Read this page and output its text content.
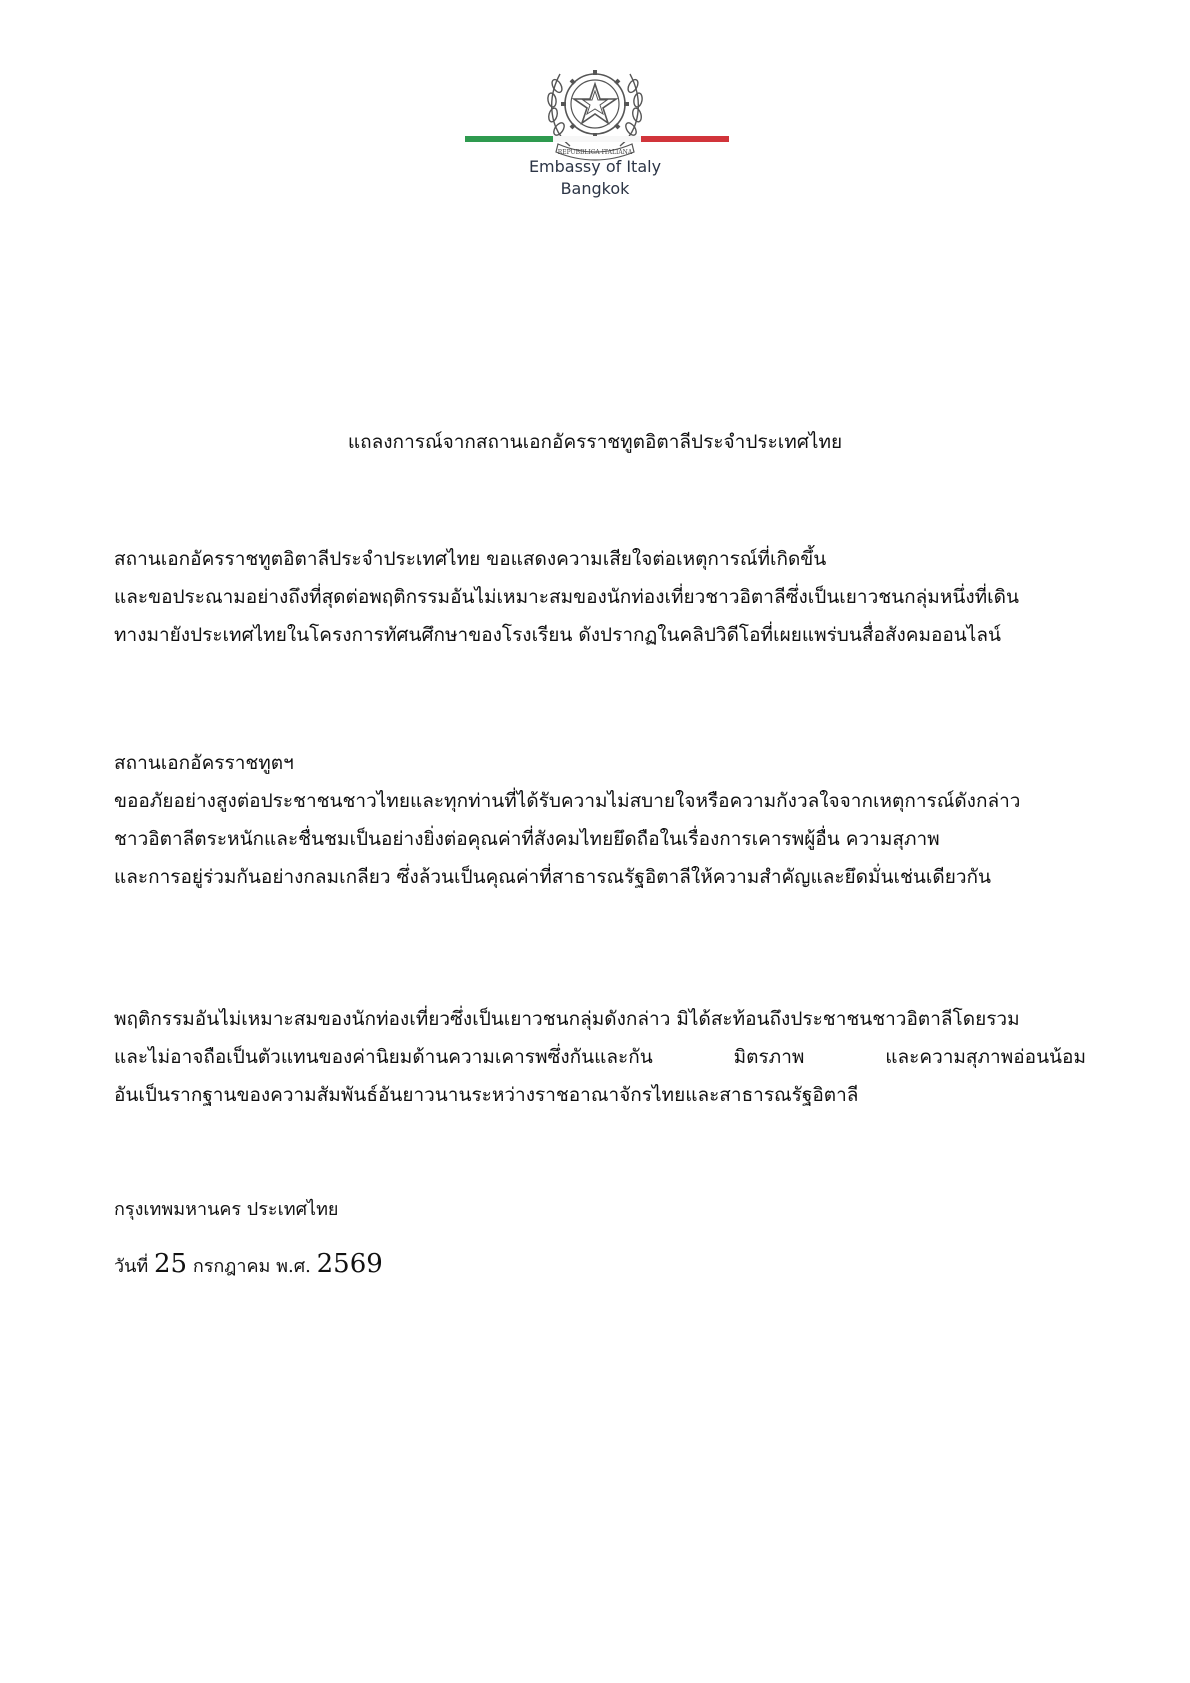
REPUBBLICA ITALIANA
Embassy of Italy
Bangkok
แถลงการณ์จากสถานเอกอัครราชทูตอิตาลีประจำประเทศไทย
สถานเอกอัครราชทูตอิตาลีประจำประเทศไทย ขอแสดงความเสียใจต่อเหตุการณ์ที่เกิดขึ้น
และขอประณามอย่างถึงที่สุดต่อพฤติกรรมอันไม่เหมาะสมของนักท่องเที่ยวชาวอิตาลีซึ่งเป็นเยาวชนกลุ่มหนึ่งที่เดิน
ทางมายังประเทศไทยในโครงการทัศนศึกษาของโรงเรียน ดังปรากฏในคลิปวิดีโอที่เผยแพร่บนสื่อสังคมออนไลน์
สถานเอกอัครราชทูตฯ
ขออภัยอย่างสูงต่อประชาชนชาวไทยและทุกท่านที่ได้รับความไม่สบายใจหรือความกังวลใจจากเหตุการณ์ดังกล่าว
ชาวอิตาลีตระหนักและชื่นชมเป็นอย่างยิ่งต่อคุณค่าที่สังคมไทยยึดถือในเรื่องการเคารพผู้อื่น ความสุภาพ
และการอยู่ร่วมกันอย่างกลมเกลียว ซึ่งล้วนเป็นคุณค่าที่สาธารณรัฐอิตาลีให้ความสำคัญและยึดมั่นเช่นเดียวกัน
พฤติกรรมอันไม่เหมาะสมของนักท่องเที่ยวซึ่งเป็นเยาวชนกลุ่มดังกล่าว มิได้สะท้อนถึงประชาชนชาวอิตาลีโดยรวม
และไม่อาจถือเป็นตัวแทนของค่านิยมด้านความเคารพซึ่งกันและกัน	มิตรภาพ	และความสุภาพอ่อนน้อม
อันเป็นรากฐานของความสัมพันธ์อันยาวนานระหว่างราชอาณาจักรไทยและสาธารณรัฐอิตาลี
กรุงเทพมหานคร ประเทศไทย
วันที่ 25 กรกฎาคม พ.ศ. 2569
